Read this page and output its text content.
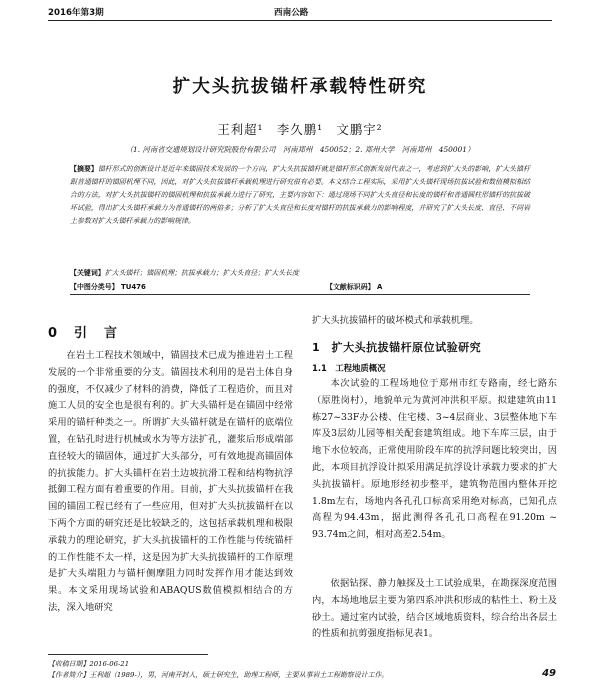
2016年第3期	西南公路
扩大头抗拔锚杆承载特性研究
王利超¹　李久鹏¹　文鹏宇²
（1. 河南省交通规划设计研究院股份有限公司　河南郑州　450052；2. 郑州大学　河南郑州　450001）
【摘要】锚杆形式的创新设计是近年来锚固技术发展的一个方向，扩大头抗拔锚杆就是锚杆形式创新发展代表之一，考虑到扩大头的影响，扩大头锚杆跟普通锚杆的锚固机理不同，因此，对扩大头抗拔锚杆承载机理进行研究很有必要。本文结合工程实际，采用扩大头锚杆现场抗拔试验和数值模拟相结合的方法，对扩大头抗拔锚杆的锚固机理和抗拔承载力进行了研究，主要内容如下：通过现场不同扩大头直径和长度的锚杆和普通圆柱形锚杆的抗拔破坏试验，得出扩大头锚杆承载力为普通锚杆的两倍多；分析了扩大头直径和长度对锚杆的抗拔承载力的影响程度，并研究了扩大头长度、直径、不同岩土参数对扩大头锚杆承载力的影响规律。
【关键词】扩大头锚杆；锚固机理；抗拔承载力；扩大头直径；扩大头长度
【中图分类号】 TU476	【文献标识码】 A
0　引　言
在岩土工程技术领域中，锚固技术已成为推进岩土工程发展的一个非常重要的分支。锚固技术利用的是岩土体自身的强度，不仅减少了材料的消费，降低了工程造价，而且对施工人员的安全也是很有利的。扩大头锚杆是在锚固中经常采用的锚杆种类之一。所谓扩大头锚杆就是在锚杆的底端位置，在钻孔时进行机械或水为等方法扩孔，灌浆后形成端部直径较大的锚固体，通过扩大头部分，可有效地提高锚固体的抗拔能力。扩大头锚杆在岩土边坡抗滑工程和结构物抗浮抵御工程方面有着重要的作用。目前，扩大头抗拔锚杆在我国的锚固工程已经有了一些应用，但对扩大头抗拔锚杆在以下两个方面的研究还是比较缺乏的，这包括承载机理和极限承载力的理论研究，扩大头抗拔锚杆的工作性能与传统锚杆的工作性能不太一样，这是因为扩大头抗拔锚杆的工作原理是扩大头端阻力与锚杆侧摩阻力同时发挥作用才能达到效果。本文采用现场试验和ABAQUS数值模拟相结合的方法，深入地研究
扩大头抗拔锚杆的破坏模式和承载机理。
1　扩大头抗拔锚杆原位试验研究
1.1　工程地质概况
本次试验的工程场地位于郑州市红专路南，经七路东（原胜岗村），地貌单元为黄河冲洪积平原。拟建建筑由11栋27~33F办公楼、住宅楼、3~4层商业、3层整体地下车库及3层幼儿园等相关配套建筑组成。地下车库三层，由于地下水位较高，正常使用阶段车库的抗浮问题比较突出，因此，本项目抗浮设计拟采用满足抗浮设计承载力要求的扩大头抗拔锚杆。原地形经初步整平，建筑物范围内整体开挖1.8m左右，场地内各孔孔口标高采用绝对标高，已知孔点高程为94.43m，据此测得各孔孔口高程在91.20m ~ 93.74m之间，相对高差2.54m。
依据钻探、静力触探及土工试验成果，在勘探深度范围内，本场地地层主要为第四系冲洪积形成的粘性土、粉土及砂土。通过室内试验，结合区域地质资料，综合给出各层土的性质和抗剪强度指标见表1。
【收稿日期】2016-06-21
【作者简介】王利超（1989-），男，河南开封人，硕士研究生，助理工程师，主要从事岩土工程勘察设计工作。	49
